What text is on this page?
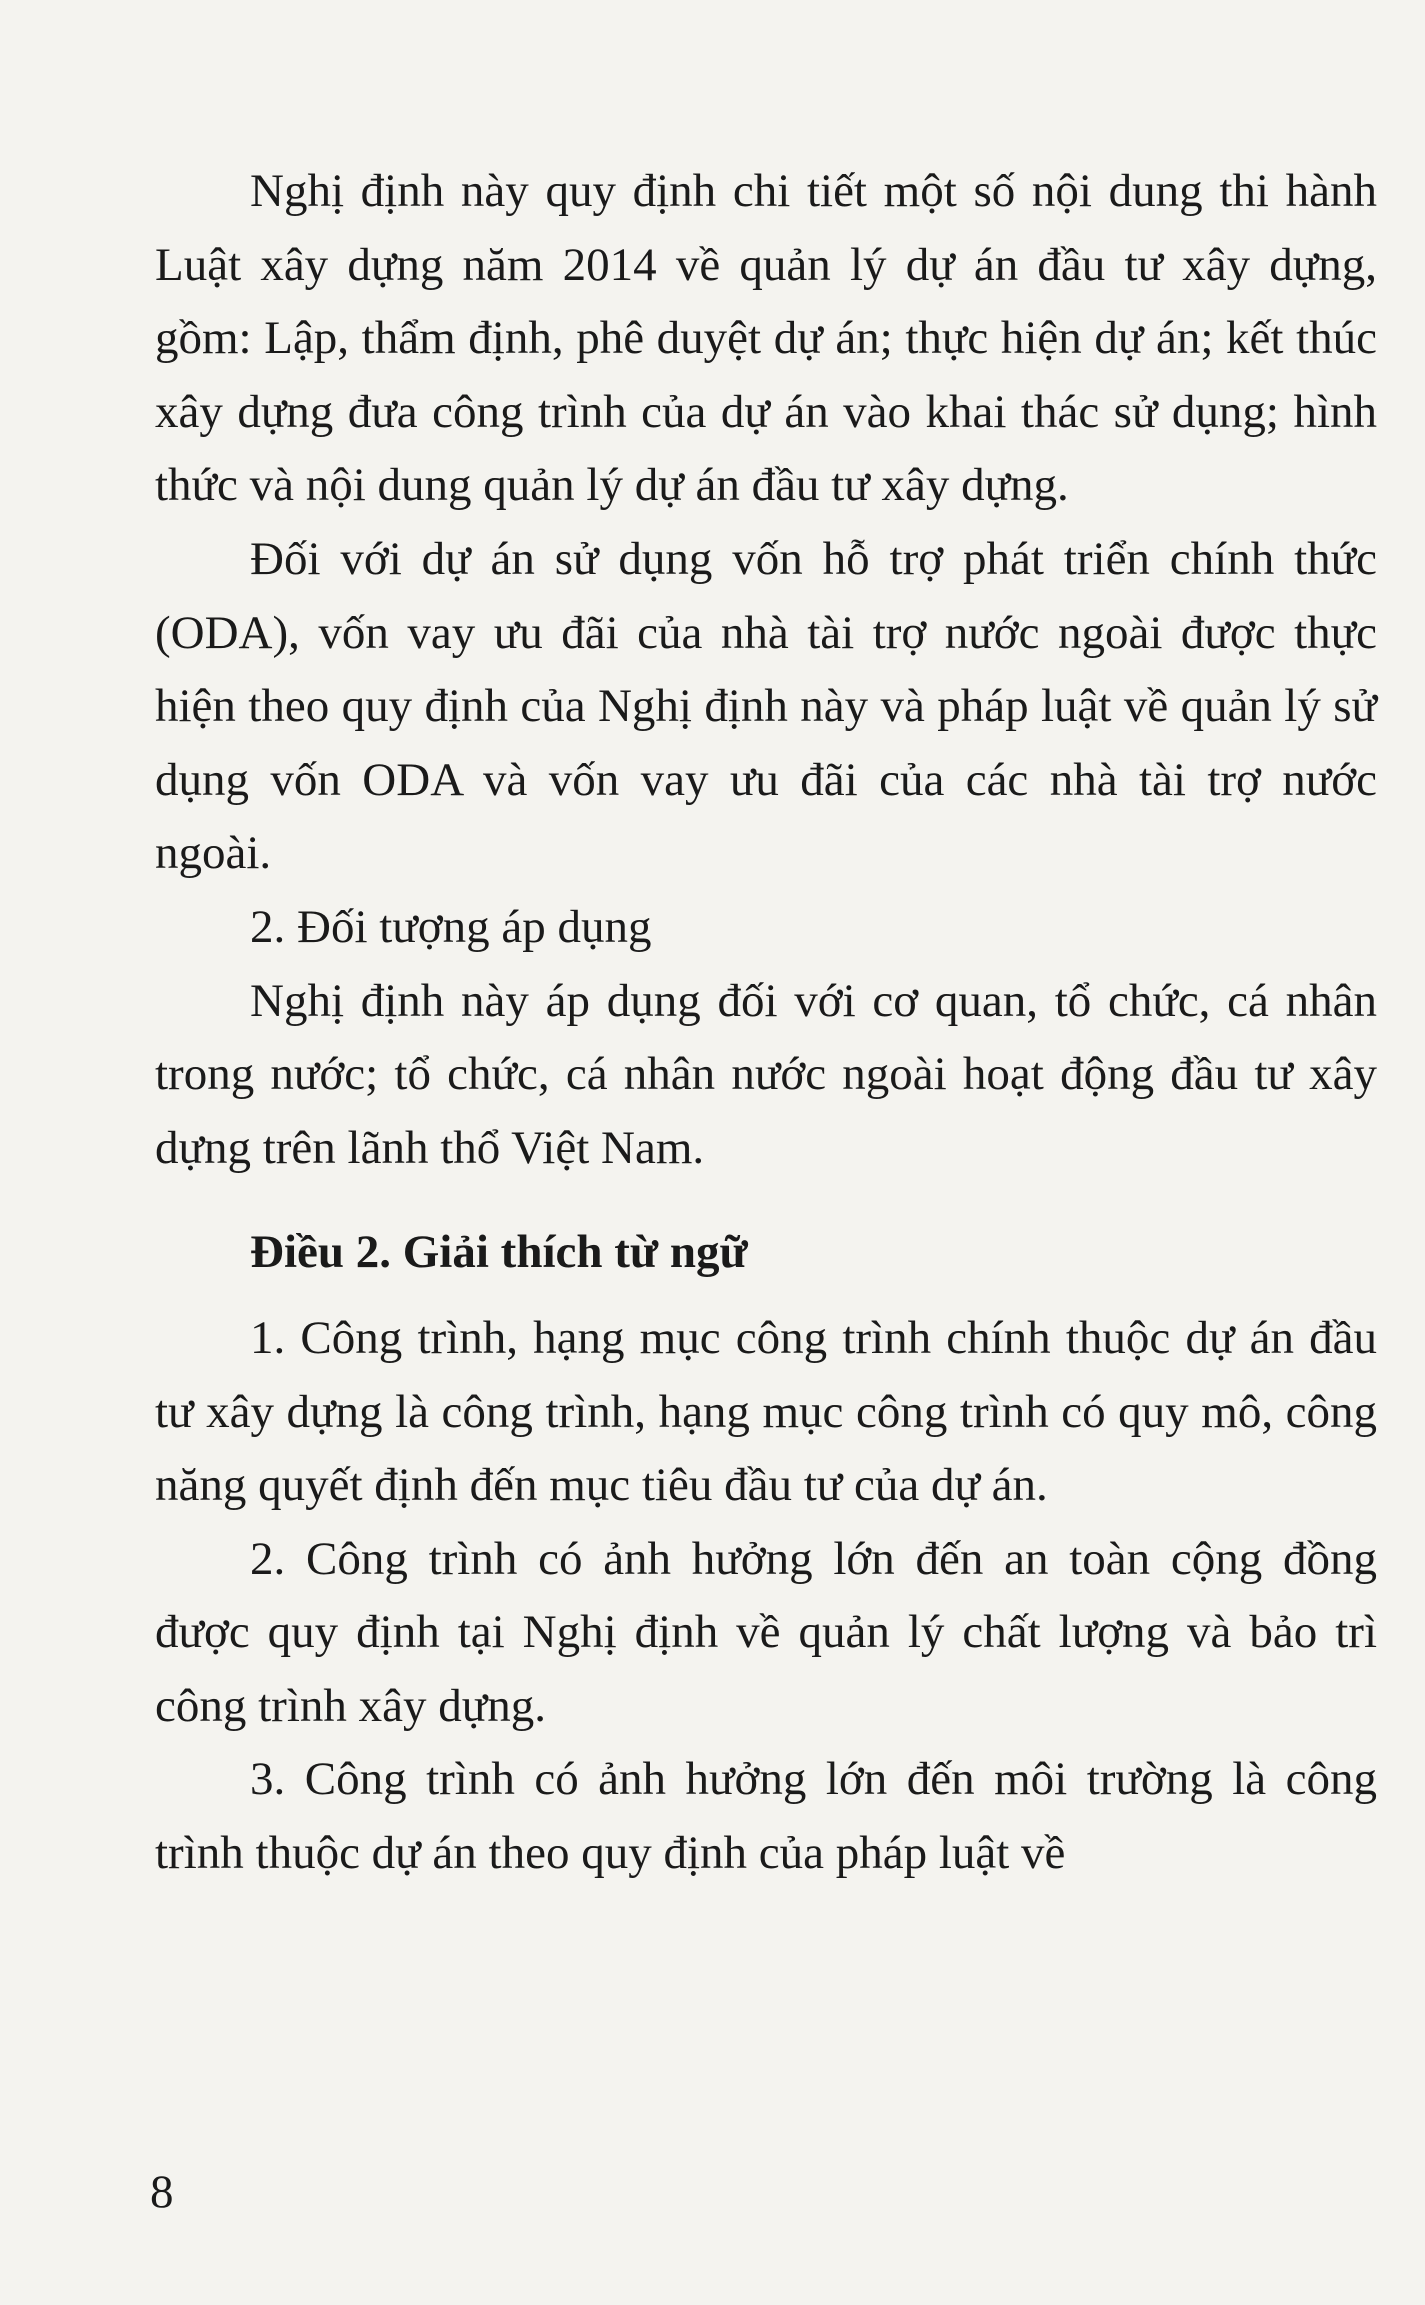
Nghị định này quy định chi tiết một số nội dung thi hành Luật xây dựng năm 2014 về quản lý dự án đầu tư xây dựng, gồm: Lập, thẩm định, phê duyệt dự án; thực hiện dự án; kết thúc xây dựng đưa công trình của dự án vào khai thác sử dụng; hình thức và nội dung quản lý dự án đầu tư xây dựng.

Đối với dự án sử dụng vốn hỗ trợ phát triển chính thức (ODA), vốn vay ưu đãi của nhà tài trợ nước ngoài được thực hiện theo quy định của Nghị định này và pháp luật về quản lý sử dụng vốn ODA và vốn vay ưu đãi của các nhà tài trợ nước ngoài.

2. Đối tượng áp dụng

Nghị định này áp dụng đối với cơ quan, tổ chức, cá nhân trong nước; tổ chức, cá nhân nước ngoài hoạt động đầu tư xây dựng trên lãnh thổ Việt Nam.

Điều 2. Giải thích từ ngữ

1. Công trình, hạng mục công trình chính thuộc dự án đầu tư xây dựng là công trình, hạng mục công trình có quy mô, công năng quyết định đến mục tiêu đầu tư của dự án.

2. Công trình có ảnh hưởng lớn đến an toàn cộng đồng được quy định tại Nghị định về quản lý chất lượng và bảo trì công trình xây dựng.

3. Công trình có ảnh hưởng lớn đến môi trường là công trình thuộc dự án theo quy định của pháp luật về

8
